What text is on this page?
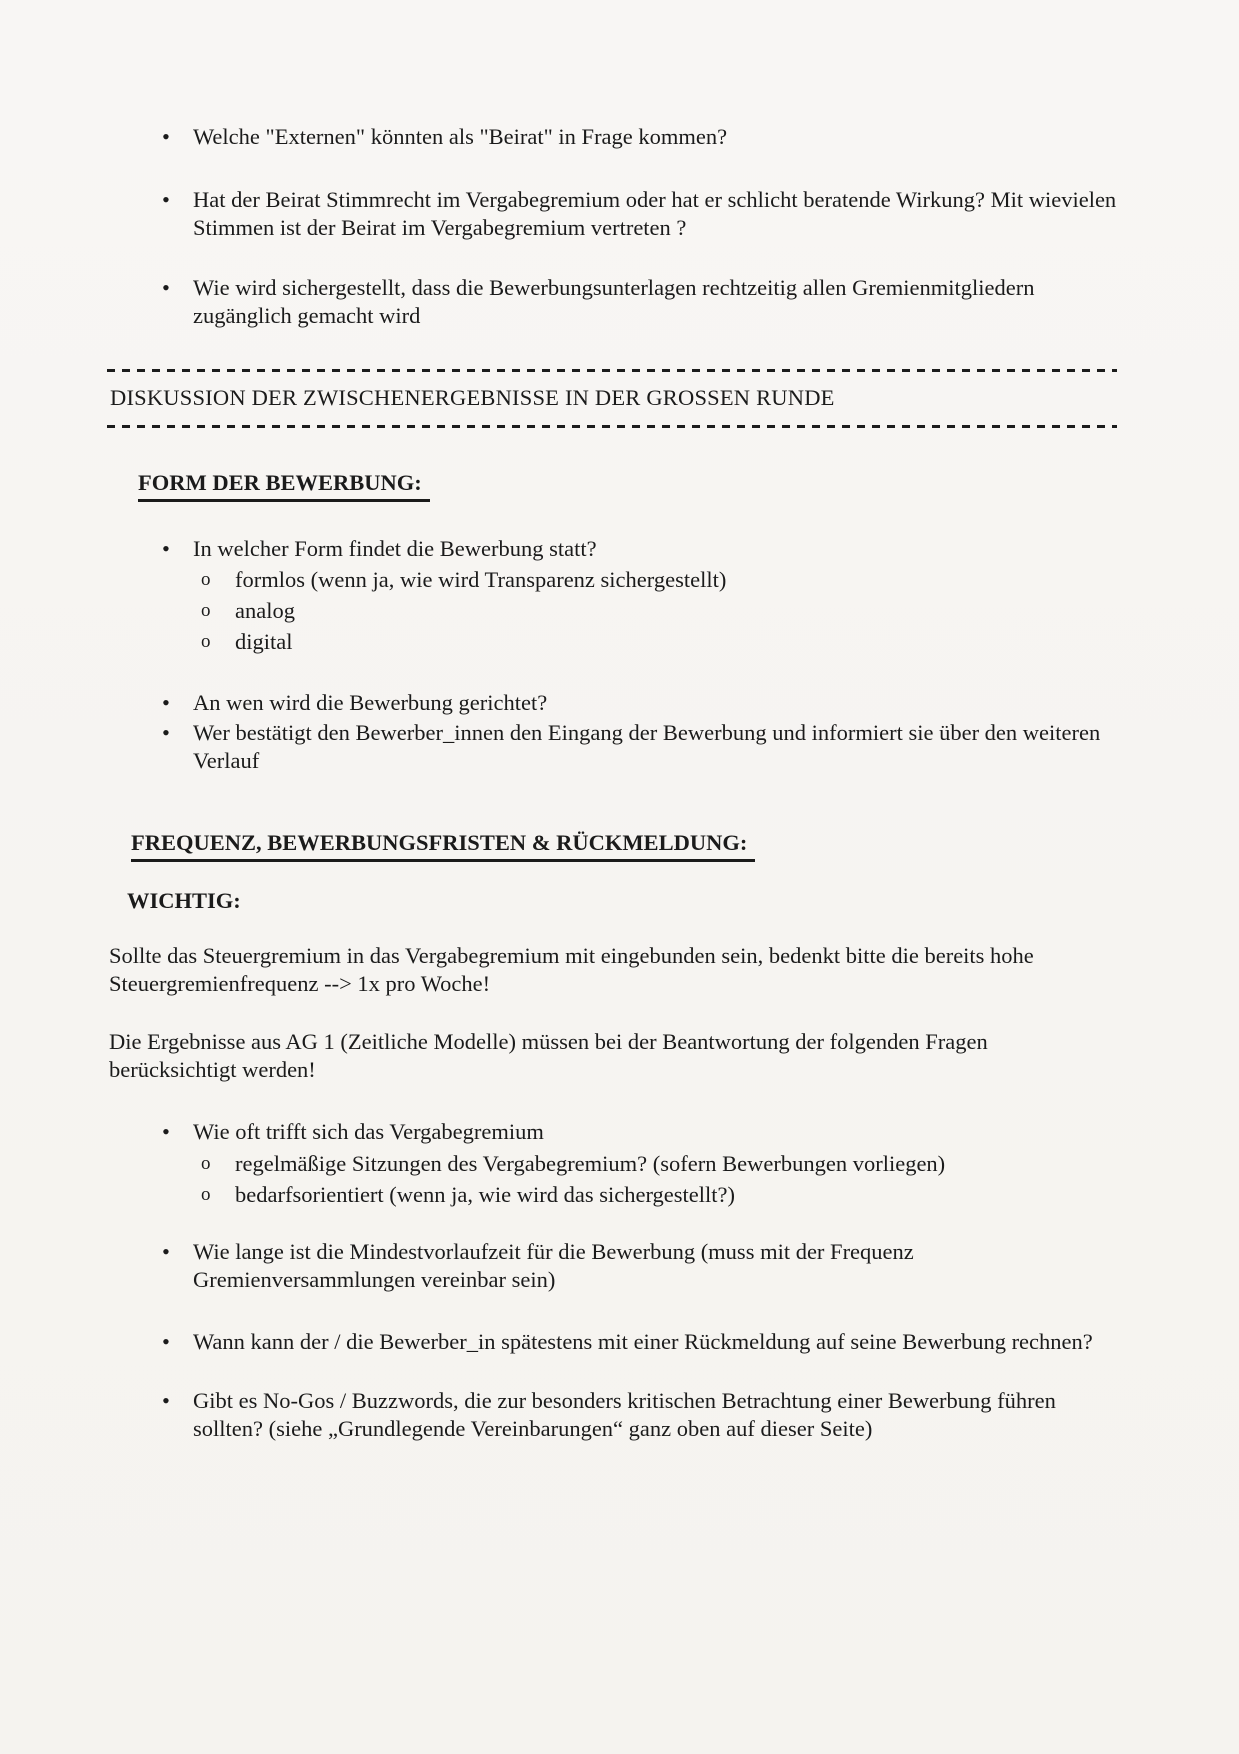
•	Welche "Externen" könnten als "Beirat" in Frage kommen?
•	Hat der Beirat Stimmrecht im Vergabegremium oder hat er schlicht beratende Wirkung? Mit wievielen Stimmen ist der Beirat im Vergabegremium vertreten ?
•	Wie wird sichergestellt, dass die Bewerbungsunterlagen rechtzeitig allen Gremienmitgliedern zugänglich gemacht wird
DISKUSSION DER ZWISCHENERGEBNISSE IN DER GROSSEN RUNDE
FORM DER BEWERBUNG:
•	In welcher Form findet die Bewerbung statt?
o	formlos (wenn ja, wie wird Transparenz sichergestellt)
o	analog
o	digital
•	An wen wird die Bewerbung gerichtet?
•	Wer bestätigt den Bewerber_innen den Eingang der Bewerbung und informiert sie über den weiteren Verlauf
FREQUENZ, BEWERBUNGSFRISTEN & RÜCKMELDUNG:
WICHTIG:
Sollte das Steuergremium in das Vergabegremium mit eingebunden sein, bedenkt bitte die bereits hohe Steuergremienfrequenz --> 1x pro Woche!
Die Ergebnisse aus AG 1 (Zeitliche Modelle) müssen bei der Beantwortung der folgenden Fragen berücksichtigt werden!
•	Wie oft trifft sich das Vergabegremium
o	regelmäßige Sitzungen des Vergabegremium? (sofern Bewerbungen vorliegen)
o	bedarfsorientiert (wenn ja, wie wird das sichergestellt?)
•	Wie lange ist die Mindestvorlaufzeit für die Bewerbung (muss mit der Frequenz Gremienversammlungen vereinbar sein)
•	Wann kann der / die Bewerber_in spätestens mit einer Rückmeldung auf seine Bewerbung rechnen?
•	Gibt es No-Gos / Buzzwords, die zur besonders kritischen Betrachtung einer Bewerbung führen sollten? (siehe „Grundlegende Vereinbarungen“ ganz oben auf dieser Seite)
